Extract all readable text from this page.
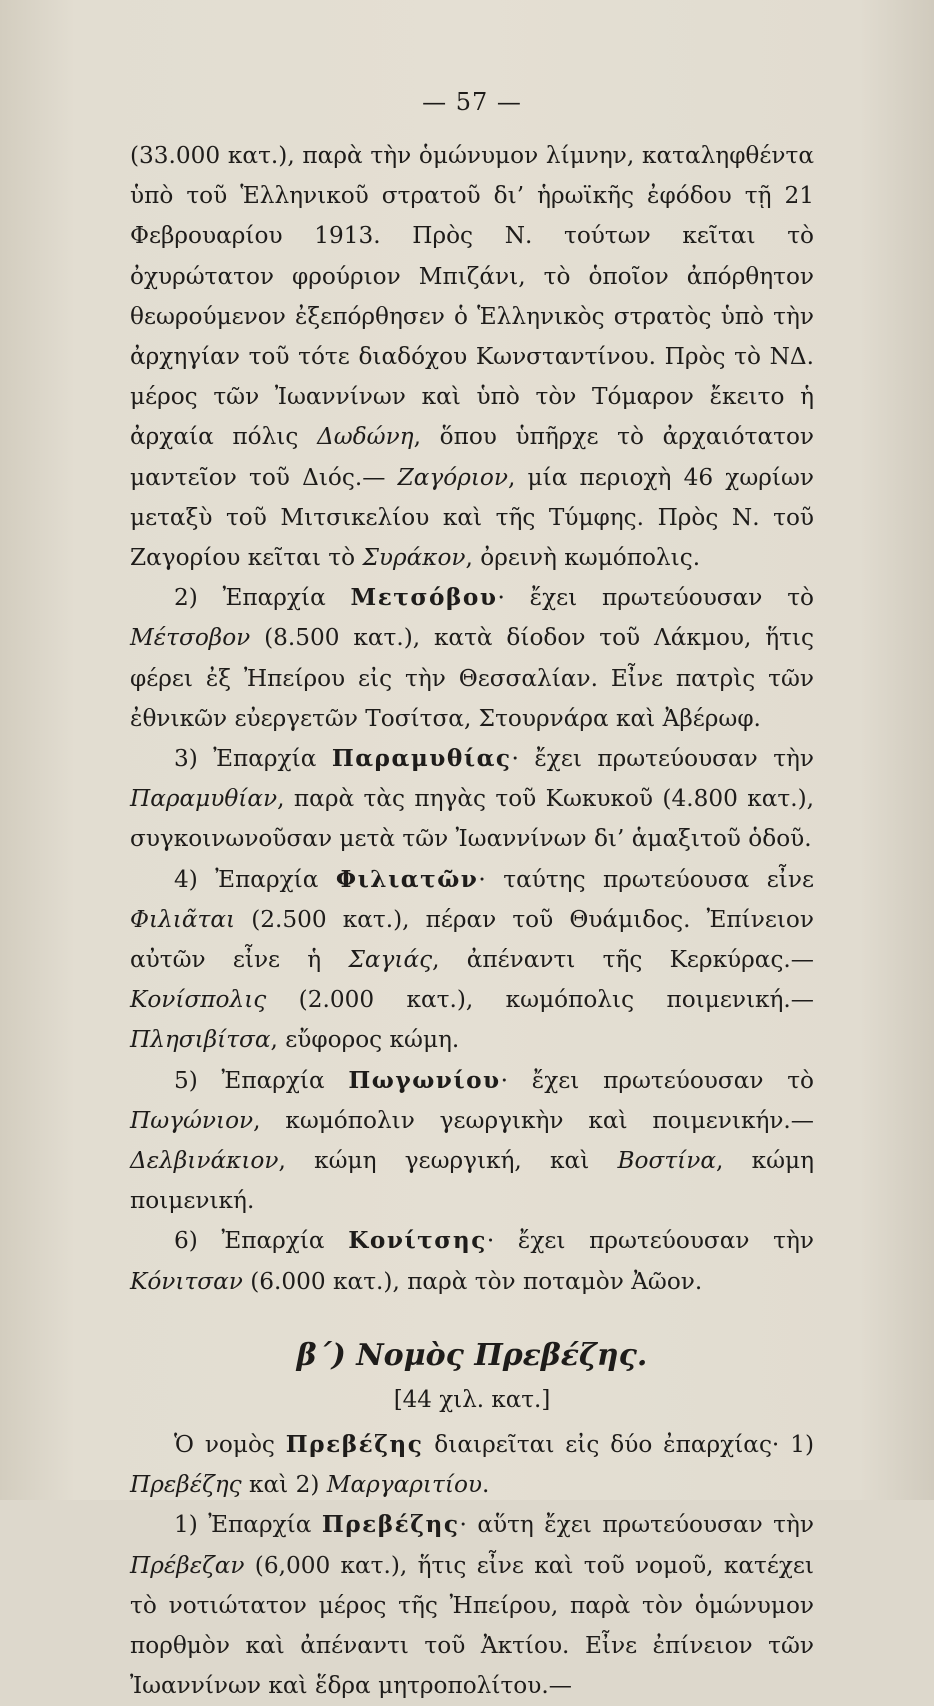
— 57 —

(33.000 κατ.), παρὰ τὴν ὁμώνυμον λίμνην, καταληφθέντα ὑπὸ τοῦ Ἑλληνικοῦ στρατοῦ δι’ ἡρωϊκῆς ἐφόδου τῇ 21 Φεβρουαρίου 1913. Πρὸς Ν. τούτων κεῖται τὸ ὀχυρώτατον φρούριον Μπιζάνι, τὸ ὁποῖον ἀπόρθητον θεωρούμενον ἐξεπόρθησεν ὁ Ἑλληνικὸς στρατὸς ὑπὸ τὴν ἀρχηγίαν τοῦ τότε διαδόχου Κωνσταντίνου. Πρὸς τὸ ΝΔ. μέρος τῶν Ἰωαννίνων καὶ ὑπὸ τὸν Τόμαρον ἔκειτο ἡ ἀρχαία πόλις Δωδώνη, ὅπου ὑπῆρχε τὸ ἀρχαιότατον μαντεῖον τοῦ Διός.— Ζαγόριον, μία περιοχὴ 46 χωρίων μεταξὺ τοῦ Μιτσικελίου καὶ τῆς Τύμφης. Πρὸς Ν. τοῦ Ζαγορίου κεῖται τὸ Συράκον, ὀρεινὴ κωμόπολις.

2) Ἐπαρχία Μετσόβου· ἔχει πρωτεύουσαν τὸ Μέτσοβον (8.500 κατ.), κατὰ δίοδον τοῦ Λάκμου, ἥτις φέρει ἐξ Ἠπείρου εἰς τὴν Θεσσαλίαν. Εἶνε πατρὶς τῶν ἐθνικῶν εὐεργετῶν Τοσίτσα, Στουρνάρα καὶ Ἀβέρωφ.

3) Ἐπαρχία Παραμυθίας· ἔχει πρωτεύουσαν τὴν Παραμυθίαν, παρὰ τὰς πηγὰς τοῦ Κωκυκοῦ (4.800 κατ.), συγκοινωνοῦσαν μετὰ τῶν Ἰωαννίνων δι’ ἁμαξιτοῦ ὁδοῦ.

4) Ἐπαρχία Φιλιατῶν· ταύτης πρωτεύουσα εἶνε Φιλιᾶται (2.500 κατ.), πέραν τοῦ Θυάμιδος. Ἐπίνειον αὐτῶν εἶνε ἡ Σαγιάς, ἀπέναντι τῆς Κερκύρας.— Κονίσπολις (2.000 κατ.), κωμόπολις ποιμενική.— Πλησιβίτσα, εὔφορος κώμη.

5) Ἐπαρχία Πωγωνίου· ἔχει πρωτεύουσαν τὸ Πωγώνιον, κωμόπολιν γεωργικὴν καὶ ποιμενικήν.— Δελβινάκιον, κώμη γεωργική, καὶ Βοστίνα, κώμη ποιμενική.

6) Ἐπαρχία Κονίτσης· ἔχει πρωτεύουσαν τὴν Κόνιτσαν (6.000 κατ.), παρὰ τὸν ποταμὸν Ἀῶον.

β΄) Νομὸς Πρεβέζης.
[44 χιλ. κατ.]

Ὁ νομὸς Πρεβέζης διαιρεῖται εἰς δύο ἐπαρχίας· 1) Πρεβέζης καὶ 2) Μαργαριτίου.

1) Ἐπαρχία Πρεβέζης· αὕτη ἔχει πρωτεύουσαν τὴν Πρέβεζαν (6,000 κατ.), ἥτις εἶνε καὶ τοῦ νομοῦ, κατέχει τὸ νοτιώτατον μέρος τῆς Ἠπείρου, παρὰ τὸν ὁμώνυμον πορθμὸν καὶ ἀπέναντι τοῦ Ἀκτίου. Εἶνε ἐπίνειον τῶν Ἰωαννίνων καὶ ἕδρα μητροπολίτου.—
